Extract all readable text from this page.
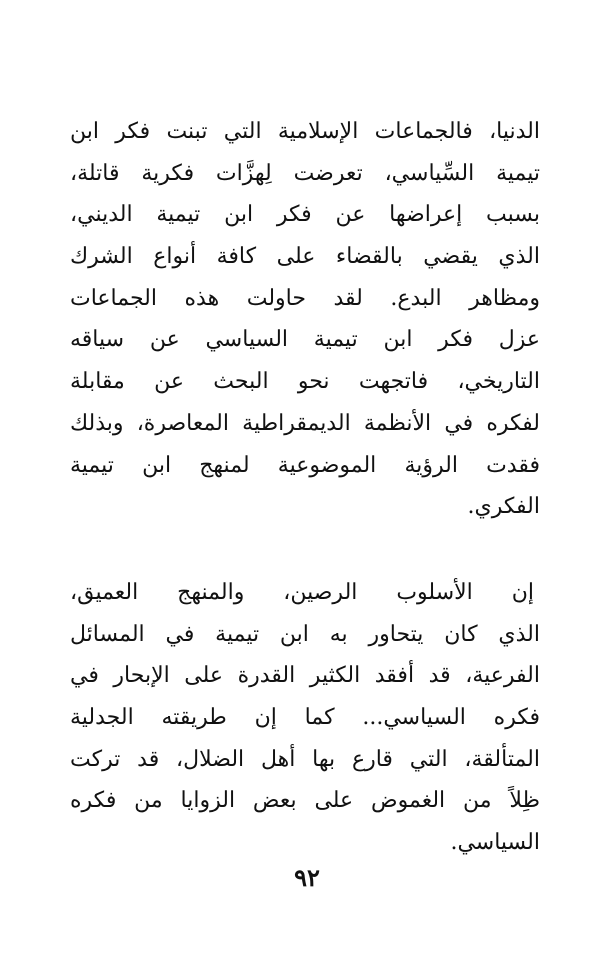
الدنيا، فالجماعات الإسلامية التي تبنت فكر ابن
تيمية السِّياسي، تعرضت لِهزَّات فكرية قاتلة،
بسبب إعراضها عن فكر ابن تيمية الديني،
الذي يقضي بالقضاء على كافة أنواع الشرك
ومظاهر البدع. لقد حاولت هذه الجماعات
عزل فكر ابن تيمية السياسي عن سياقه
التاريخي، فاتجهت نحو البحث عن مقابلة
لفكره في الأنظمة الديمقراطية المعاصرة، وبذلك
فقدت الرؤية الموضوعية لمنهج ابن تيمية
الفكري.
إن الأسلوب الرصين، والمنهج العميق،
الذي كان يتحاور به ابن تيمية في المسائل
الفرعية، قد أفقد الكثير القدرة على الإبحار في
فكره السياسي... كما إن طريقته الجدلية
المتألقة، التي قارع بها أهل الضلال، قد تركت
ظِلاً من الغموض على بعض الزوايا من فكره
السياسي.
٩٢
